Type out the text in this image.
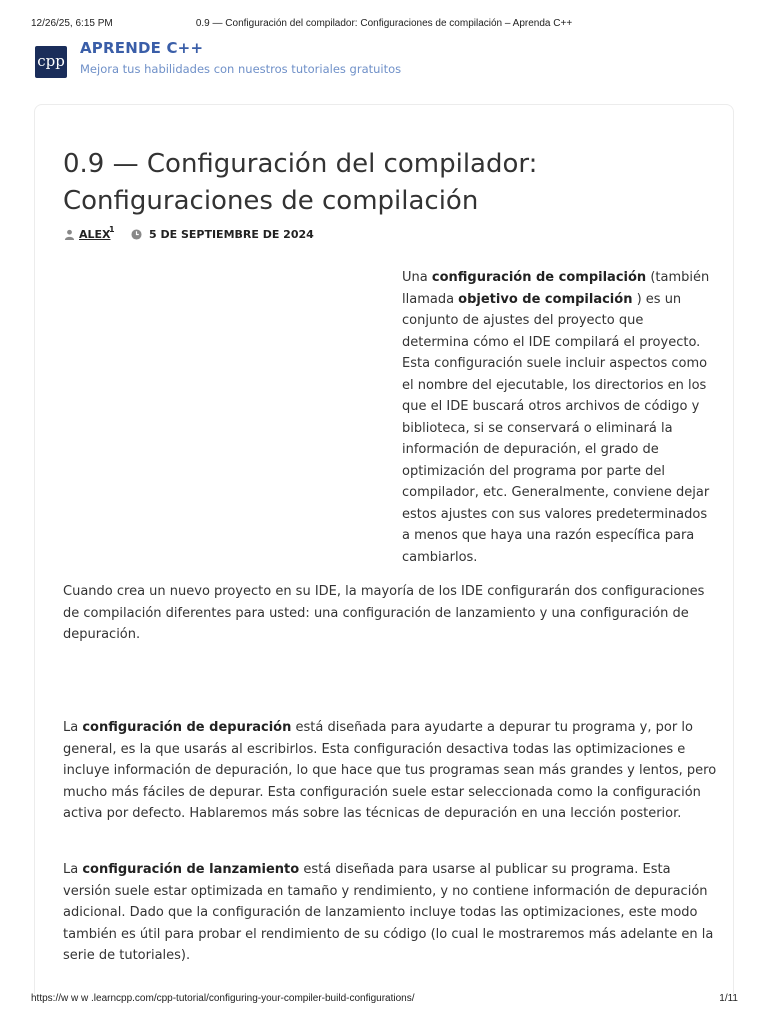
12/26/25, 6:15 PM	0.9 — Configuración del compilador: Configuraciones de compilación – Aprenda C++
cpp
APRENDE C++
Mejora tus habilidades con nuestros tutoriales gratuitos
0.9 — Configuración del compilador: Configuraciones de compilación
ALEX
1	5 DE SEPTIEMBRE DE 2024

Una configuración de compilación (también llamada objetivo de compilación ) es un conjunto de ajustes del proyecto que determina cómo el IDE compilará el proyecto. Esta configuración suele incluir aspectos como el nombre del ejecutable, los directorios en los que el IDE buscará otros archivos de código y biblioteca, si se conservará o eliminará la información de depuración, el grado de optimización del programa por parte del compilador, etc. Generalmente, conviene dejar estos ajustes con sus valores predeterminados a menos que haya una razón específica para cambiarlos.

Cuando crea un nuevo proyecto en su IDE, la mayoría de los IDE configurarán dos configuraciones de compilación diferentes para usted: una configuración de lanzamiento y una configuración de depuración.

La configuración de depuración está diseñada para ayudarte a depurar tu programa y, por lo general, es la que usarás al escribirlos. Esta configuración desactiva todas las optimizaciones e incluye información de depuración, lo que hace que tus programas sean más grandes y lentos, pero mucho más fáciles de depurar. Esta configuración suele estar seleccionada como la configuración activa por defecto. Hablaremos más sobre las técnicas de depuración en una lección posterior.

La configuración de lanzamiento está diseñada para usarse al publicar su programa. Esta versión suele estar optimizada en tamaño y rendimiento, y no contiene información de depuración adicional. Dado que la configuración de lanzamiento incluye todas las optimizaciones, este modo también es útil para probar el rendimiento de su código (lo cual le mostraremos más adelante en la serie de tutoriales).

https://w w w .learncpp.com/cpp-tutorial/configuring-your-compiler-build-configurations/	1/11
